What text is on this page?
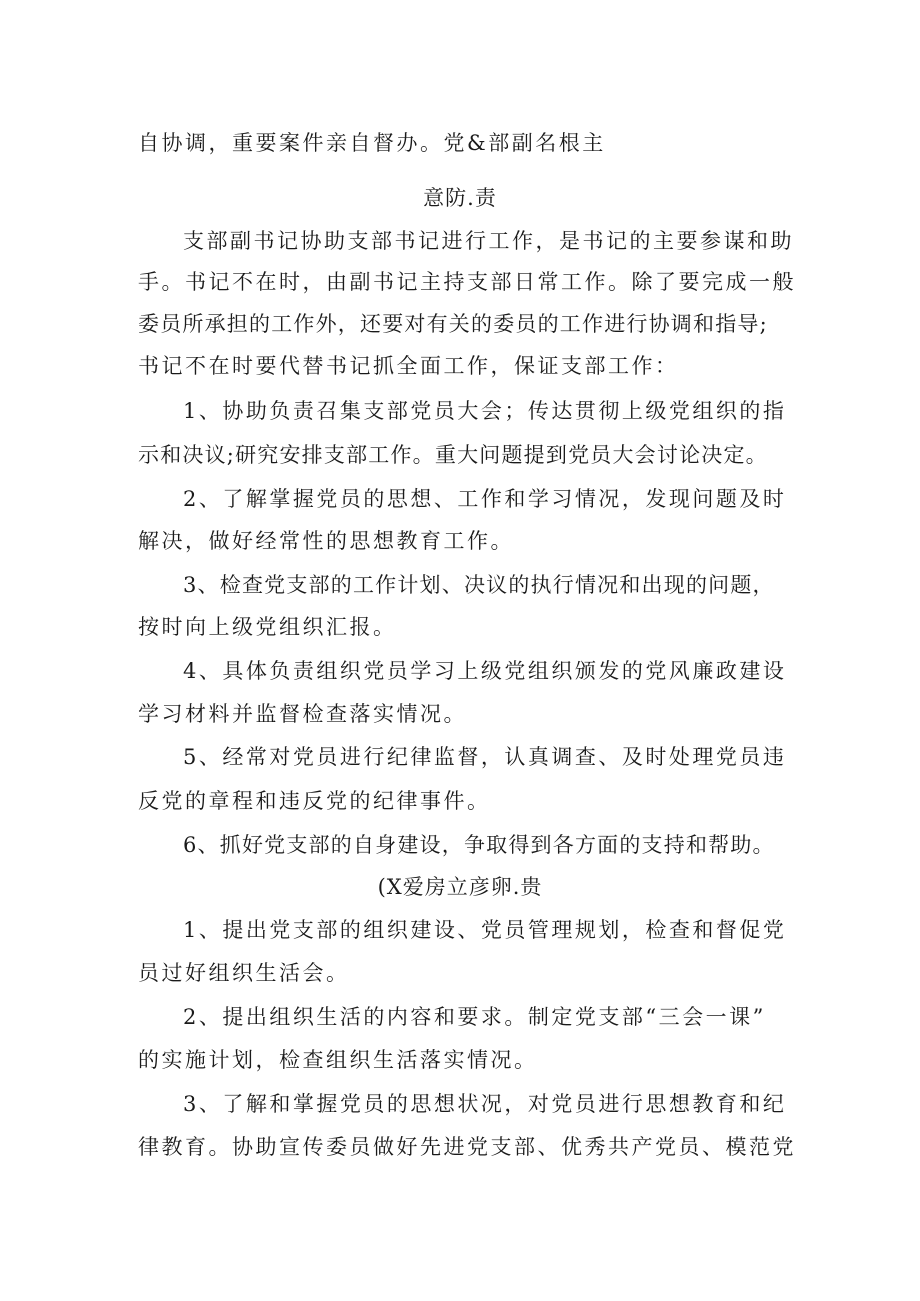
自协调，重要案件亲自督办。党&部副名根主
意防.责
支部副书记协助支部书记进行工作，是书记的主要参谋和助
手。书记不在时，由副书记主持支部日常工作。除了要完成一般
委员所承担的工作外，还要对有关的委员的工作进行协调和指导;
书记不在时要代替书记抓全面工作，保证支部工作：
1、协助负责召集支部党员大会；传达贯彻上级党组织的指
示和决议;研究安排支部工作。重大问题提到党员大会讨论决定。
2、了解掌握党员的思想、工作和学习情况，发现问题及时
解决，做好经常性的思想教育工作。
3、检查党支部的工作计划、决议的执行情况和出现的问题，
按时向上级党组织汇报。
4、具体负责组织党员学习上级党组织颁发的党风廉政建设
学习材料并监督检查落实情况。
5、经常对党员进行纪律监督，认真调查、及时处理党员违
反党的章程和违反党的纪律事件。
6、抓好党支部的自身建设，争取得到各方面的支持和帮助。
(X爱房立彦卵.贵
1、提出党支部的组织建设、党员管理规划，检查和督促党
员过好组织生活会。
2、提出组织生活的内容和要求。制定党支部“三会一课”
的实施计划，检查组织生活落实情况。
3、了解和掌握党员的思想状况，对党员进行思想教育和纪
律教育。协助宣传委员做好先进党支部、优秀共产党员、模范党
